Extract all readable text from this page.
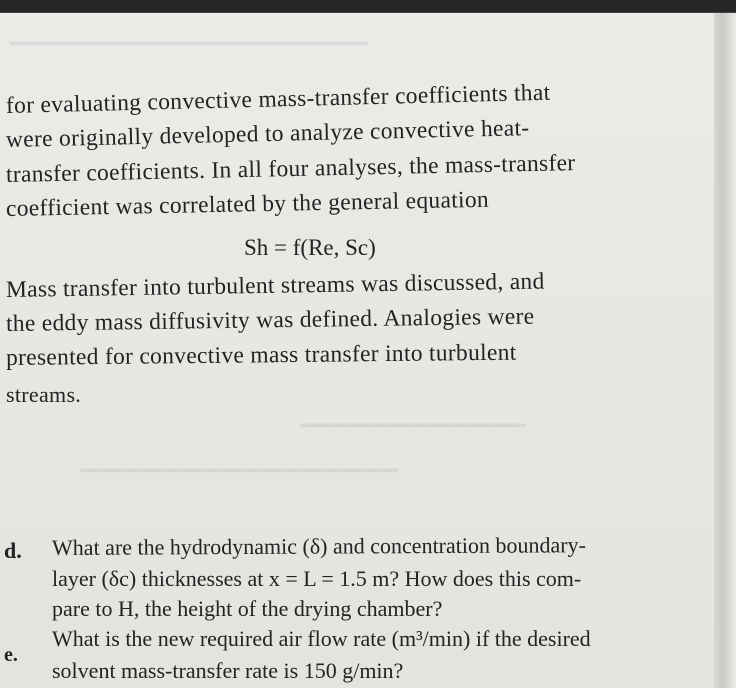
━━━━━━━━━━━━━━━━━━━━━━━━━━━
━━━━━━━━━━━━━━━━━
━━━━━━━━━━━━━━━━━━━━━━━━
for evaluating convective mass-transfer coefficients that
were originally developed to analyze convective heat-
transfer coefficients. In all four analyses, the mass-transfer
coefficient was correlated by the general equation
Sh = f(Re, Sc)
Mass transfer into turbulent streams was discussed, and
the eddy mass diffusivity was defined. Analogies were
presented for convective mass transfer into turbulent
streams.
d. What are the hydrodynamic (δ) and concentration boundary-
layer (δc) thicknesses at x = L = 1.5 m? How does this com-
pare to H, the height of the drying chamber?
e.
What is the new required air flow rate (m³/min) if the desired
solvent mass-transfer rate is 150 g/min?
